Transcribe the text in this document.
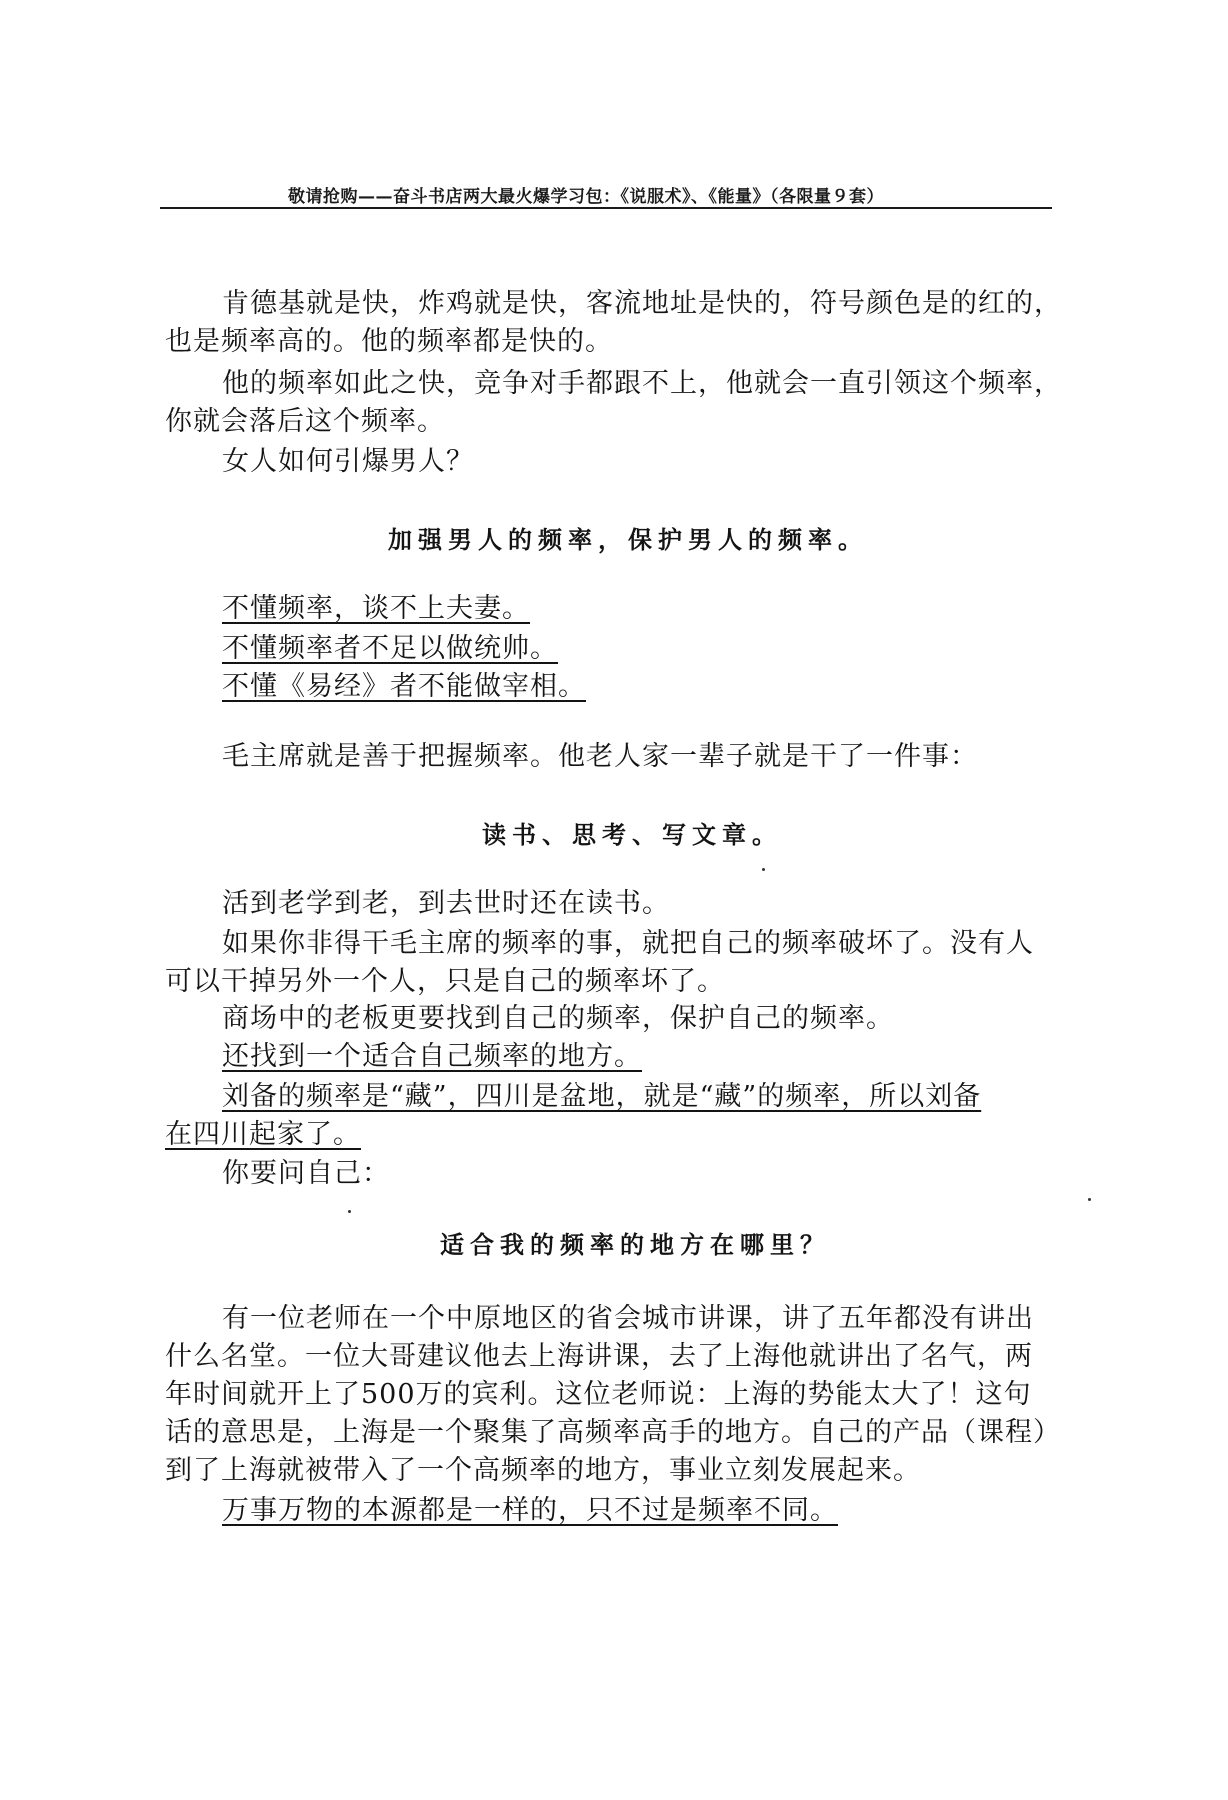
敬请抢购——奋斗书店两大最火爆学习包：《说服术》、《能量》（各限量９套）
肯德基就是快，炸鸡就是快，客流地址是快的，符号颜色是的红的，
也是频率高的。他的频率都是快的。
他的频率如此之快，竞争对手都跟不上，他就会一直引领这个频率，
你就会落后这个频率。
女人如何引爆男人？
加强男人的频率，保护男人的频率。
不懂频率，谈不上夫妻。
不懂频率者不足以做统帅。
不懂《易经》者不能做宰相。
毛主席就是善于把握频率。他老人家一辈子就是干了一件事：
读书、思考、写文章。
活到老学到老，到去世时还在读书。
如果你非得干毛主席的频率的事，就把自己的频率破坏了。没有人
可以干掉另外一个人，只是自己的频率坏了。
商场中的老板更要找到自己的频率，保护自己的频率。
还找到一个适合自己频率的地方。
刘备的频率是“藏”，四川是盆地，就是“藏”的频率，所以刘备
在四川起家了。
你要问自己：
适合我的频率的地方在哪里？
有一位老师在一个中原地区的省会城市讲课，讲了五年都没有讲出
什么名堂。一位大哥建议他去上海讲课，去了上海他就讲出了名气，两
年时间就开上了500万的宾利。这位老师说：上海的势能太大了！这句
话的意思是，上海是一个聚集了高频率高手的地方。自己的产品（课程）
到了上海就被带入了一个高频率的地方，事业立刻发展起来。
万事万物的本源都是一样的，只不过是频率不同。
